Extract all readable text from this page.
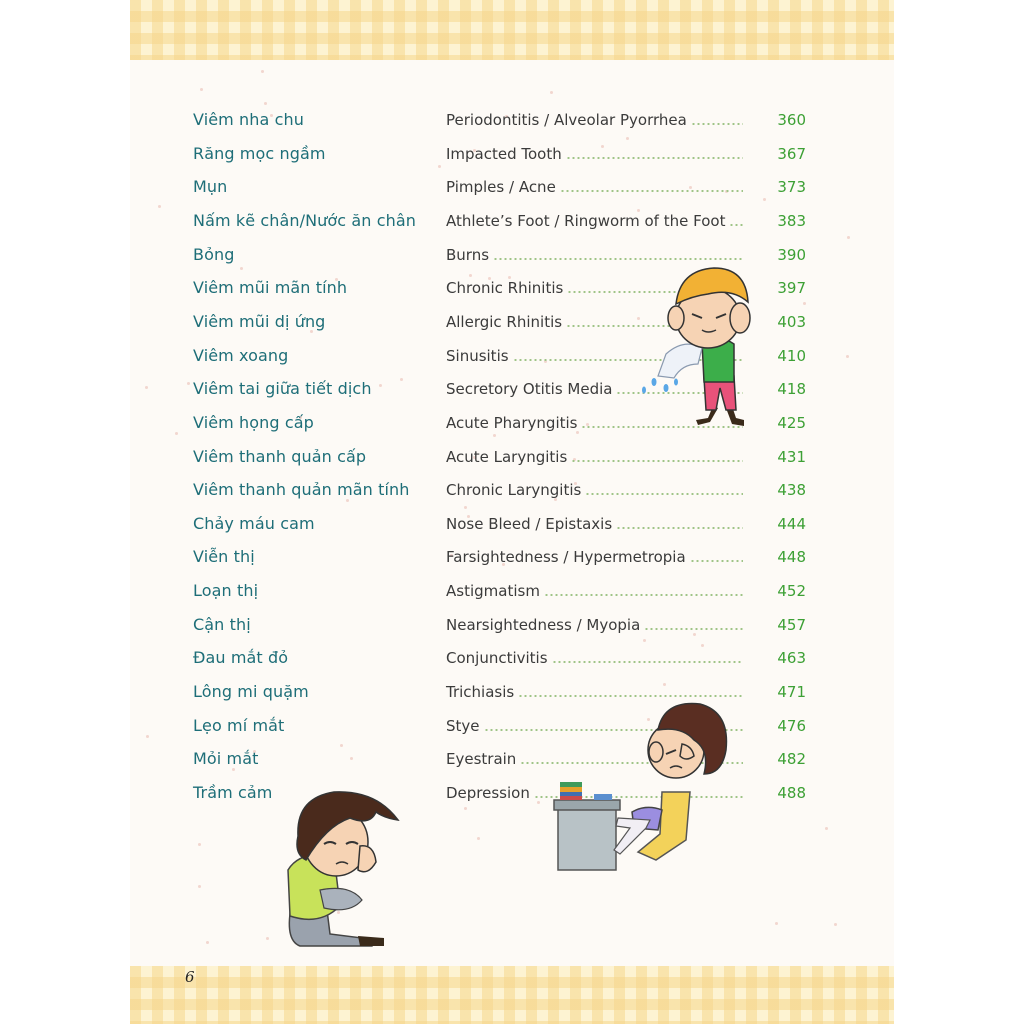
Viêm nha chu	Periodontitis / Alveolar Pyorrhea	360
Răng mọc ngầm	Impacted Tooth	367
Mụn	Pimples / Acne	373
Nấm kẽ chân/Nước ăn chân	Athlete’s Foot / Ringworm of the Foot	383
Bỏng	Burns	390
Viêm mũi mãn tính	Chronic Rhinitis	397
Viêm mũi dị ứng	Allergic Rhinitis	403
Viêm xoang	Sinusitis	410
Viêm tai giữa tiết dịch	Secretory Otitis Media	418
Viêm họng cấp	Acute Pharyngitis	425
Viêm thanh quản cấp	Acute Laryngitis	431
Viêm thanh quản mãn tính	Chronic Laryngitis	438
Chảy máu cam	Nose Bleed / Epistaxis	444
Viễn thị	Farsightedness / Hypermetropia	448
Loạn thị	Astigmatism	452
Cận thị	Nearsightedness / Myopia	457
Đau mắt đỏ	Conjunctivitis	463
Lông mi quặm	Trichiasis	471
Lẹo mí mắt	Stye	476
Mỏi mắt	Eyestrain	482
Trầm cảm	Depression	488
6
